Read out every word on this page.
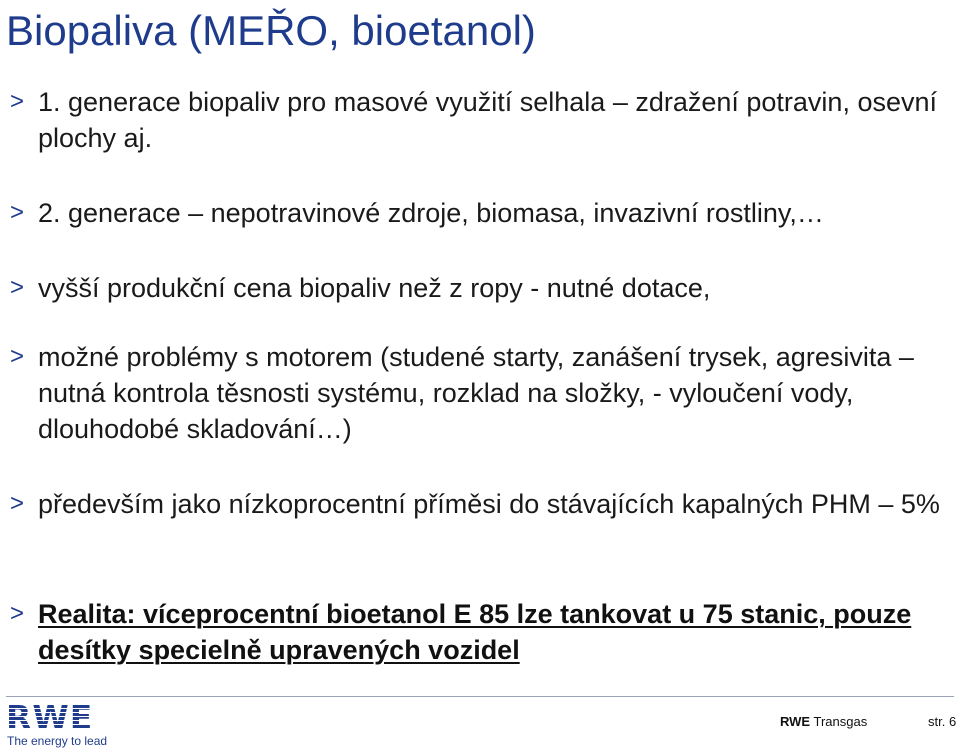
Biopaliva (MEŘO, bioetanol)
> 1. generace biopaliv pro masové využití selhala – zdražení potravin, osevní plochy aj.
> 2. generace – nepotravinové zdroje, biomasa, invazivní rostliny,…
> vyšší produkční cena biopaliv než z ropy - nutné dotace,
> možné problémy s motorem (studené starty, zanášení trysek, agresivita – nutná kontrola těsnosti systému, rozklad na složky, - vyloučení vody, dlouhodobé skladování…)
> především jako nízkoprocentní příměsi do stávajících kapalných PHM – 5%
> Realita: víceprocentní bioetanol E 85 lze tankovat u 75 stanic, pouze desítky specielně upravených vozidel
RWE
The energy to lead
RWE Transgas	str. 6
